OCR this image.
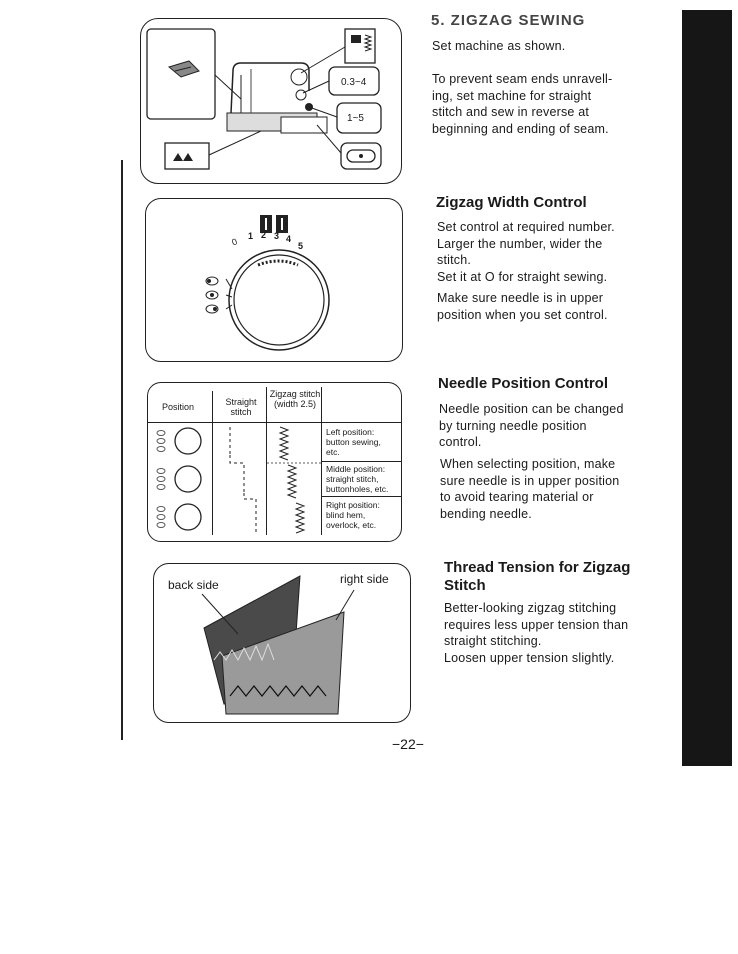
5. ZIGZAG SEWING
Set machine as shown.
To prevent seam ends unravell-
ing, set machine for straight
stitch and sew in reverse at
beginning and ending of seam.
Zigzag Width Control
Set control at required number.
Larger the number, wider the
stitch.
Set it at O for straight sewing.
Make sure needle is in upper
position when you set control.
Needle Position Control
Needle position can be changed
by turning needle position
control.
When selecting position, make
sure needle is in upper position
to avoid tearing material or
bending needle.
Thread Tension for Zigzag
Stitch
Better-looking zigzag stitching
requires less upper tension than
straight stitching.
Loosen upper tension slightly.
−22−
0.3~4
1~5
0
1 2 3 4
5
Position	Straight stitch
Zigzag stitch (width 2.5)
Left position:
button sewing,
etc.
Middle position:
straight stitch,
buttonholes, etc.
Right position:
blind hem,
overlock, etc.
back side	right side
